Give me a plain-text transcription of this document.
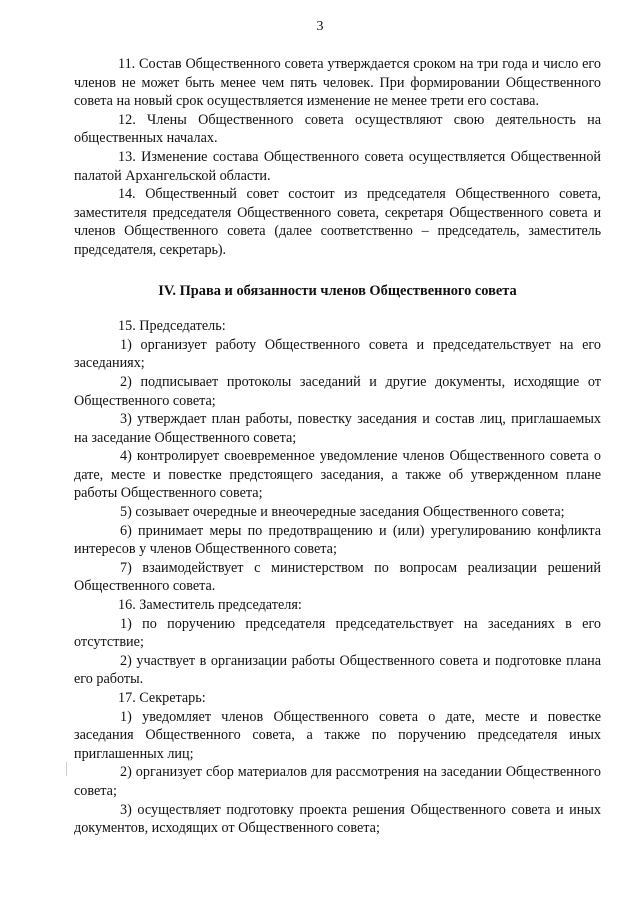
3

11. Состав Общественного совета утверждается сроком на три года и число его членов не может быть менее чем пять человек. При формировании Общественного совета на новый срок осуществляется изменение не менее трети его состава.

12. Члены Общественного совета осуществляют свою деятельность на общественных началах.

13. Изменение состава Общественного совета осуществляется Общественной палатой Архангельской области.

14. Общественный совет состоит из председателя Общественного совета, заместителя председателя Общественного совета, секретаря Общественного совета и членов Общественного совета (далее соответственно – председатель, заместитель председателя, секретарь).

IV. Права и обязанности членов Общественного совета

15. Председатель:

1) организует работу Общественного совета и председательствует на его заседаниях;

2) подписывает протоколы заседаний и другие документы, исходящие от Общественного совета;

3) утверждает план работы, повестку заседания и состав лиц, приглашаемых на заседание Общественного совета;

4) контролирует своевременное уведомление членов Общественного совета о дате, месте и повестке предстоящего заседания, а также об утвержденном плане работы Общественного совета;

5) созывает очередные и внеочередные заседания Общественного совета;

6) принимает меры по предотвращению и (или) урегулированию конфликта интересов у членов Общественного совета;

7) взаимодействует с министерством по вопросам реализации решений Общественного совета.

16. Заместитель председателя:

1) по поручению председателя председательствует на заседаниях в его отсутствие;

2) участвует в организации работы Общественного совета и подготовке плана его работы.

17. Секретарь:

1) уведомляет членов Общественного совета о дате, месте и повестке заседания Общественного совета, а также по поручению председателя иных приглашенных лиц;

2) организует сбор материалов для рассмотрения на заседании Общественного совета;

3) осуществляет подготовку проекта решения Общественного совета и иных документов, исходящих от Общественного совета;
